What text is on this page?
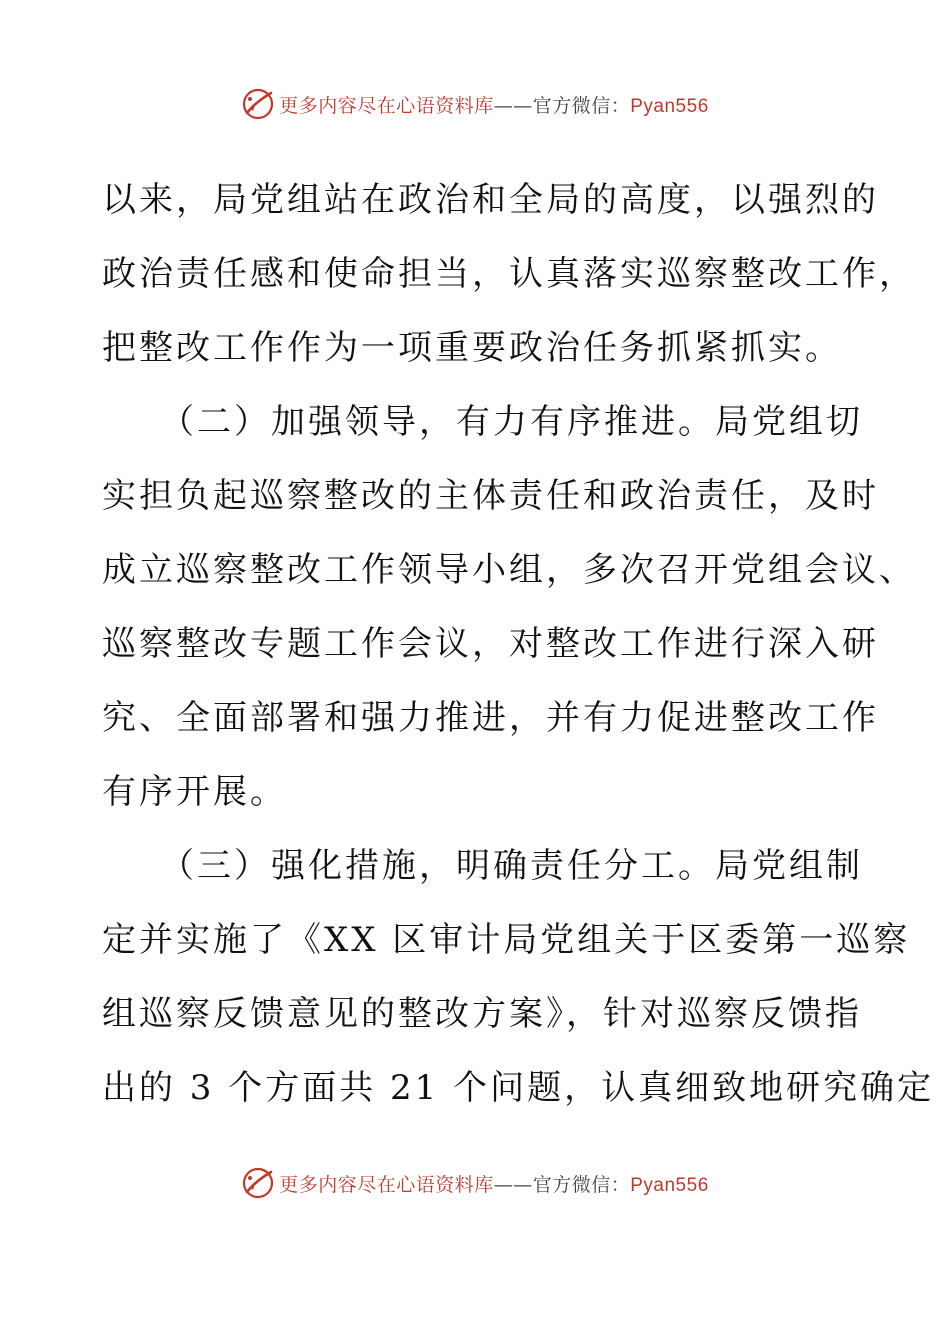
更多内容尽在心语资料库——官方微信：Pyan556
以来，局党组站在政治和全局的高度，以强烈的
政治责任感和使命担当，认真落实巡察整改工作，
把整改工作作为一项重要政治任务抓紧抓实。
（二）加强领导，有力有序推进。局党组切
实担负起巡察整改的主体责任和政治责任，及时
成立巡察整改工作领导小组，多次召开党组会议、
巡察整改专题工作会议，对整改工作进行深入研
究、全面部署和强力推进，并有力促进整改工作
有序开展。
（三）强化措施，明确责任分工。局党组制
定并实施了《XX 区审计局党组关于区委第一巡察
组巡察反馈意见的整改方案》，针对巡察反馈指
出的 3 个方面共 21 个问题，认真细致地研究确定
更多内容尽在心语资料库——官方微信：Pyan556
